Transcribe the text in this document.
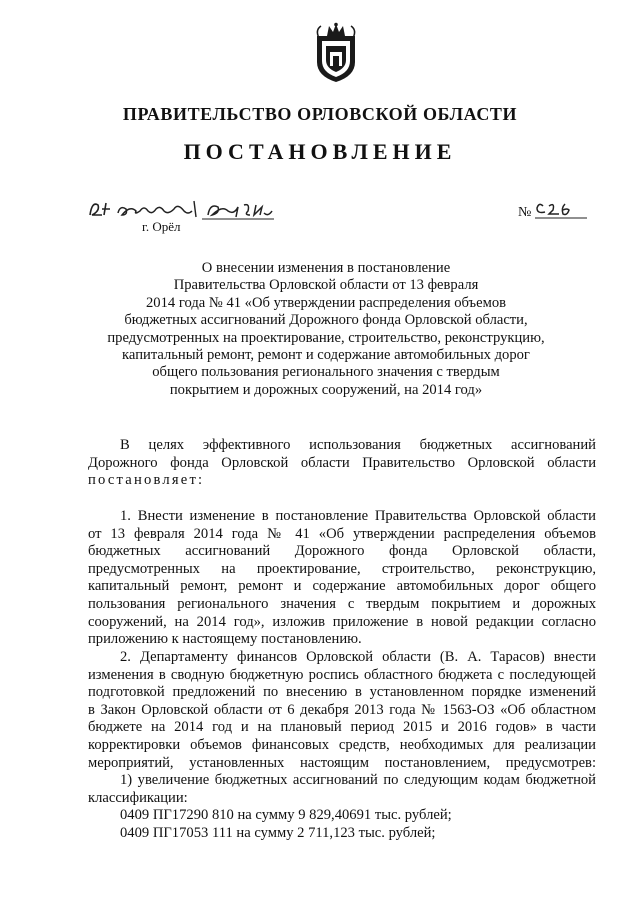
ПРАВИТЕЛЬСТВО ОРЛОВСКОЙ ОБЛАСТИ
ПОСТАНОВЛЕНИЕ
г. Орёл
№
О внесении изменения в постановление
Правительства Орловской области от 13 февраля
2014 года № 41 «Об утверждении распределения объемов
бюджетных ассигнований Дорожного фонда Орловской области,
предусмотренных на проектирование, строительство, реконструкцию,
капитальный ремонт, ремонт и содержание автомобильных дорог
общего пользования регионального значения с твердым
покрытием и дорожных сооружений, на 2014 год»
В целях эффективного использования бюджетных ассигнований
Дорожного фонда Орловской области Правительство Орловской области
постановляет:
1. Внести изменение в постановление Правительства Орловской области
от 13 февраля 2014 года № 41 «Об утверждении распределения объемов
бюджетных ассигнований Дорожного фонда Орловской области,
предусмотренных на проектирование, строительство, реконструкцию,
капитальный ремонт, ремонт и содержание автомобильных дорог общего
пользования регионального значения с твердым покрытием и дорожных
сооружений, на 2014 год», изложив приложение в новой редакции согласно
приложению к настоящему постановлению.
2. Департаменту финансов Орловской области (В. А. Тарасов) внести
изменения в сводную бюджетную роспись областного бюджета с последующей
подготовкой предложений по внесению в установленном порядке изменений
в Закон Орловской области от 6 декабря 2013 года № 1563-ОЗ «Об областном
бюджете на 2014 год и на плановый период 2015 и 2016 годов» в части
корректировки объемов финансовых средств, необходимых для реализации
мероприятий, установленных настоящим постановлением, предусмотрев:
1) увеличение бюджетных ассигнований по следующим кодам бюджетной
классификации:
0409 ПГ17290 810 на сумму 9 829,40691 тыс. рублей;
0409 ПГ17053 111 на сумму 2 711,123 тыс. рублей;
